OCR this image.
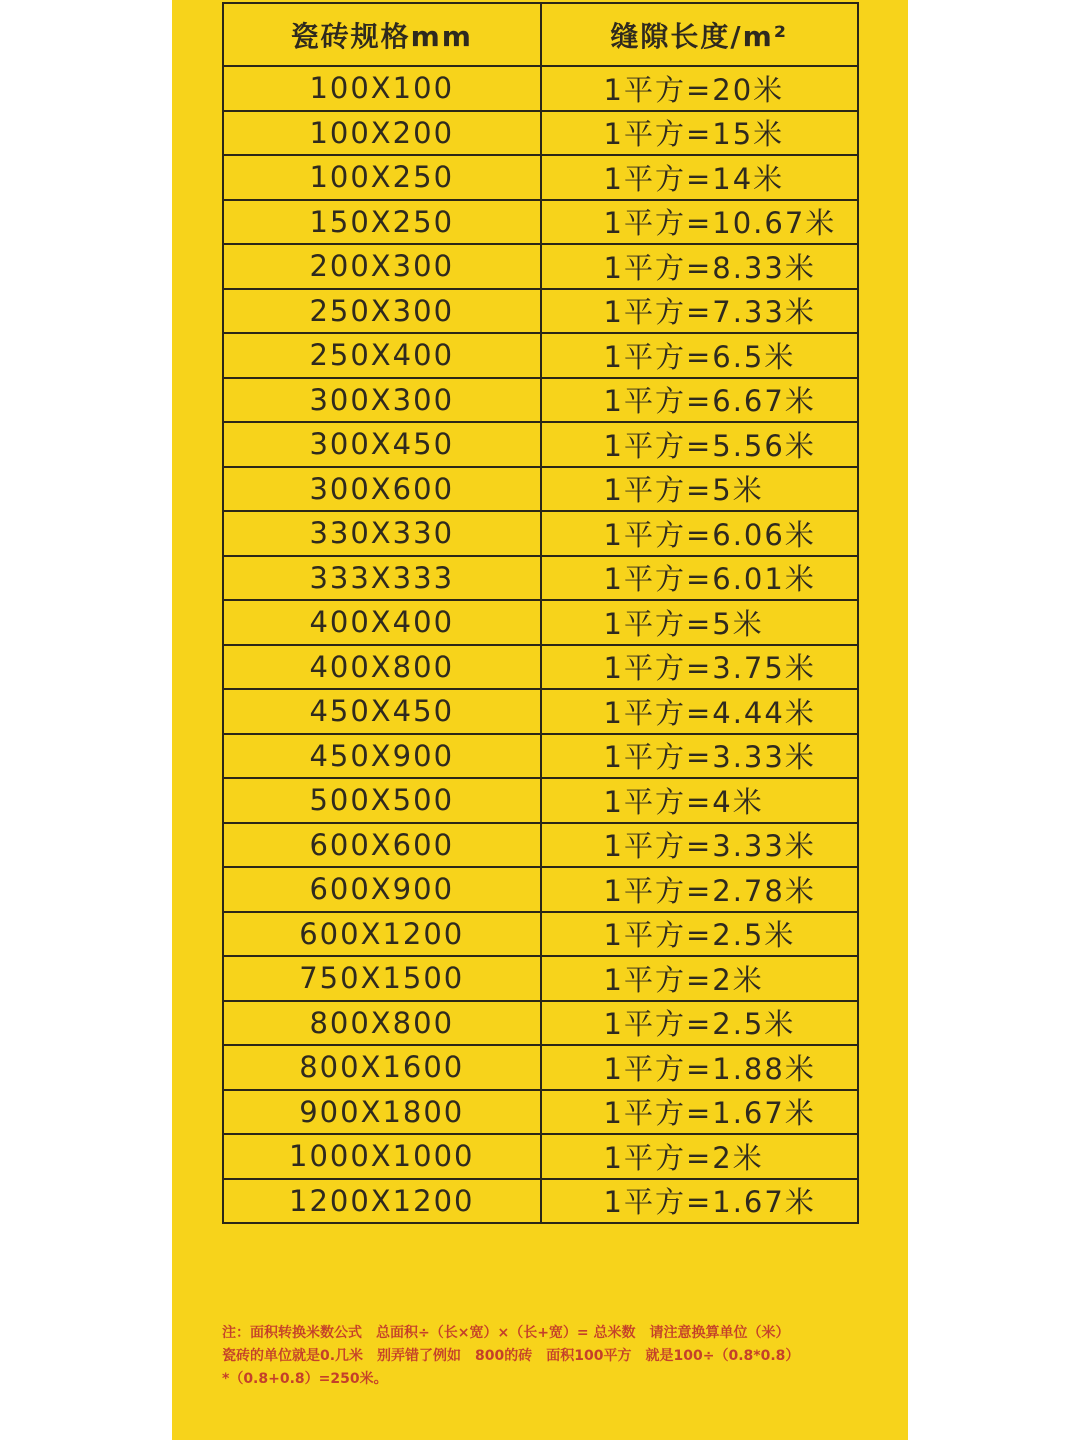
瓷砖规格mm	缝隙长度/m²
100X100	1平方=20米
100X200	1平方=15米
100X250	1平方=14米
150X250	1平方=10.67米
200X300	1平方=8.33米
250X300	1平方=7.33米
250X400	1平方=6.5米
300X300	1平方=6.67米
300X450	1平方=5.56米
300X600	1平方=5米
330X330	1平方=6.06米
333X333	1平方=6.01米
400X400	1平方=5米
400X800	1平方=3.75米
450X450	1平方=4.44米
450X900	1平方=3.33米
500X500	1平方=4米
600X600	1平方=3.33米
600X900	1平方=2.78米
600X1200	1平方=2.5米
750X1500	1平方=2米
800X800	1平方=2.5米
800X1600	1平方=1.88米
900X1800	1平方=1.67米
1000X1000	1平方=2米
1200X1200	1平方=1.67米
注：面积转换米数公式　总面积÷（长×宽）×（长+宽）= 总米数　请注意换算单位（米）
瓷砖的单位就是0.几米　别弄错了例如　800的砖　面积100平方　就是100÷（0.8*0.8）
*（0.8+0.8）=250米。
